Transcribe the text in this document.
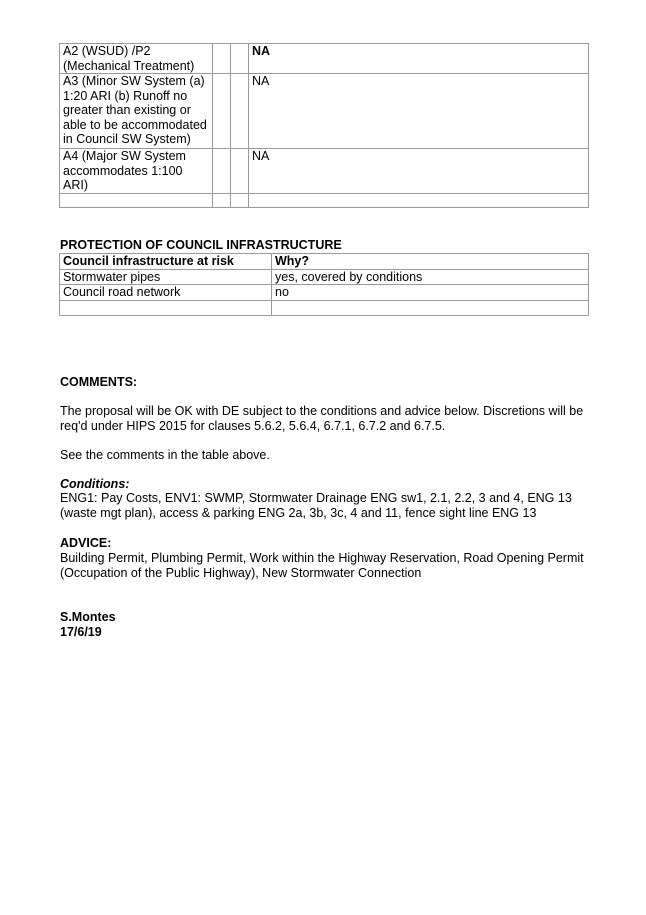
A2 (WSUD) /P2 (Mechanical Treatment)			NA
A3 (Minor SW System (a) 1:20 ARI (b) Runoff no greater than existing or able to be accommodated in Council SW System)			NA
A4 (Major SW System accommodates 1:100 ARI)			NA

PROTECTION OF COUNCIL INFRASTRUCTURE
Council infrastructure at risk	Why?
Stormwater pipes	yes, covered by conditions
Council road network	no

COMMENTS:
The proposal will be OK with DE subject to the conditions and advice below. Discretions will be req'd under HIPS 2015 for clauses 5.6.2, 5.6.4, 6.7.1, 6.7.2 and 6.7.5.
See the comments in the table above.
Conditions:
ENG1: Pay Costs, ENV1: SWMP, Stormwater Drainage ENG sw1, 2.1, 2.2, 3 and 4, ENG 13 (waste mgt plan), access & parking ENG 2a, 3b, 3c, 4 and 11, fence sight line ENG 13
ADVICE:
Building Permit, Plumbing Permit, Work within the Highway Reservation, Road Opening Permit (Occupation of the Public Highway), New Stormwater Connection
S.Montes
17/6/19
